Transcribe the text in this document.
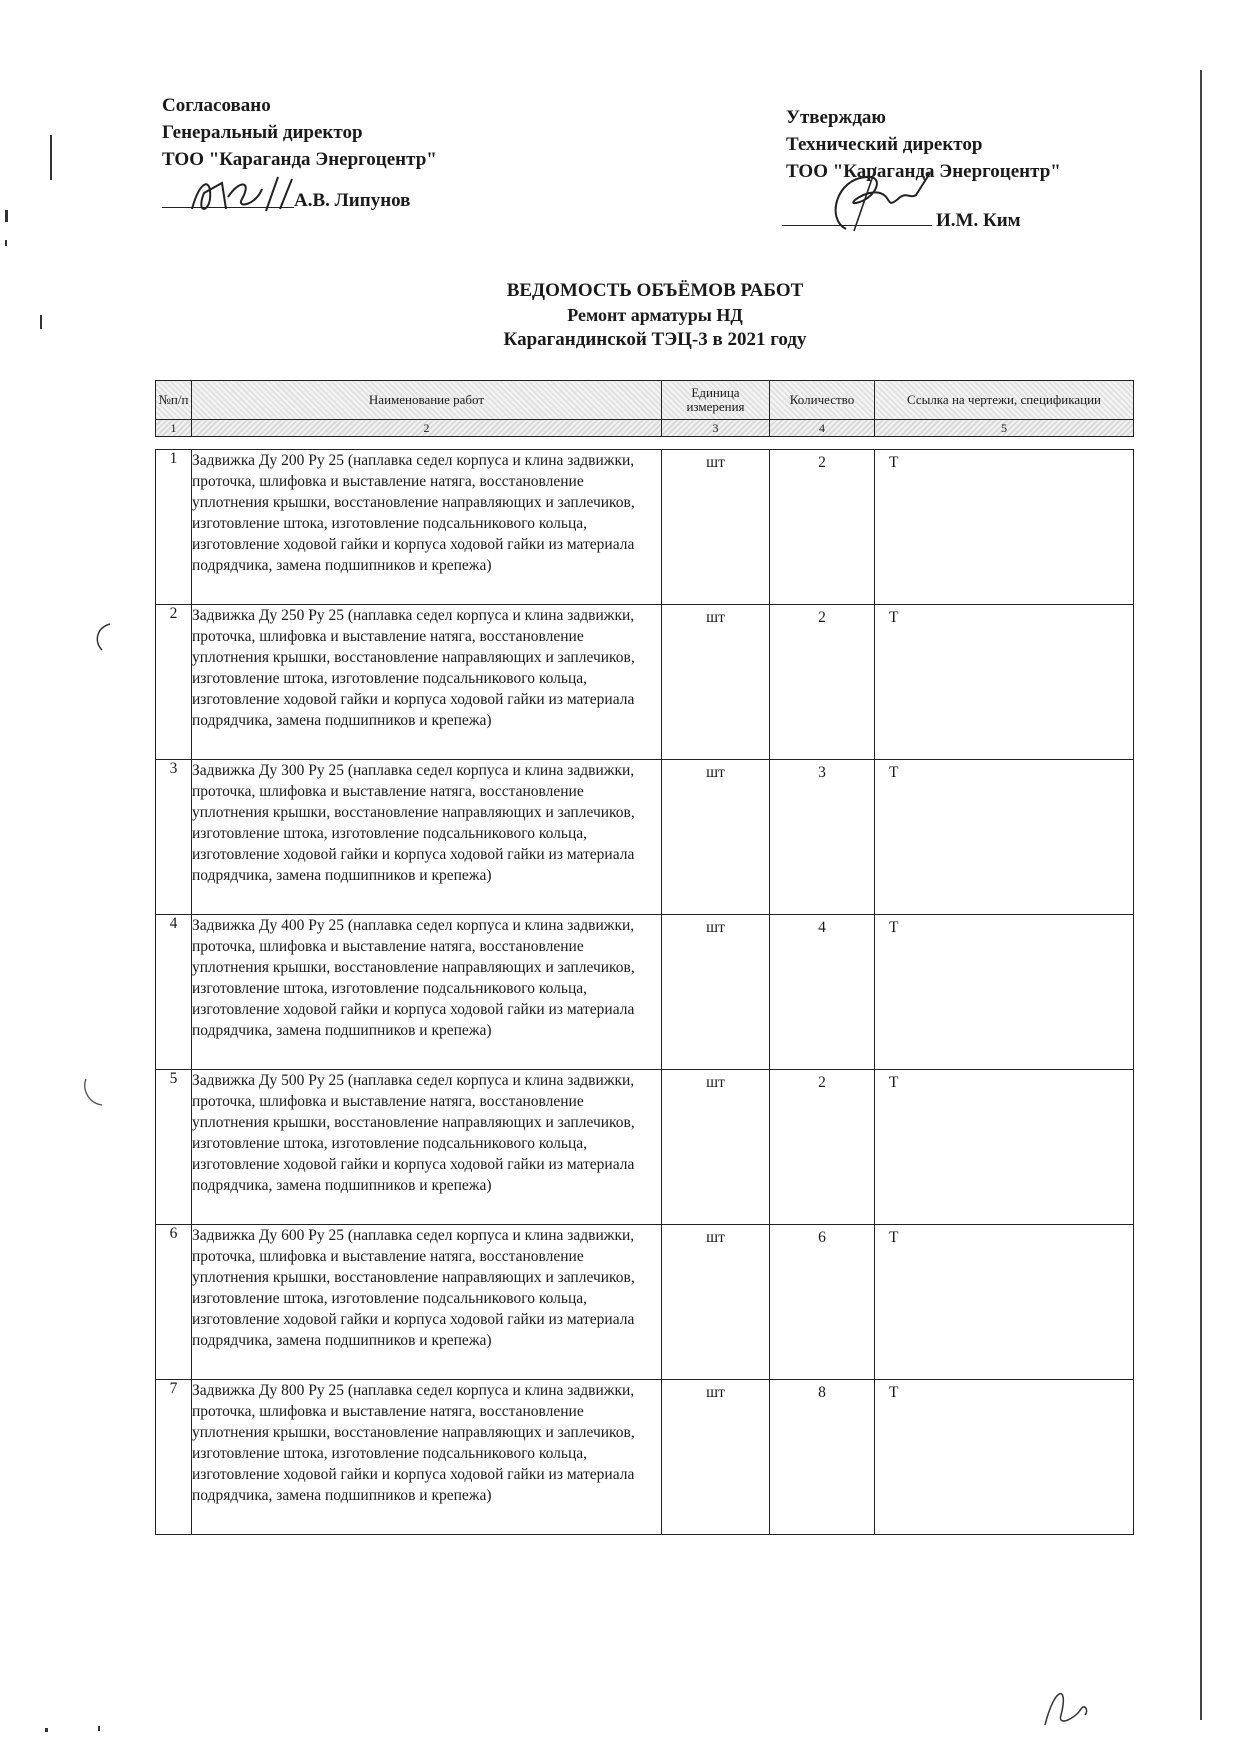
Согласовано
Генеральный директор
ТОО "Караганда Энергоцентр"
А.В. Липунов
Утверждаю
Технический директор
ТОО "Караганда Энергоцентр"
И.М. Ким
ВЕДОМОСТЬ ОБЪЁМОВ РАБОТ
Ремонт арматуры НД
Карагандинской ТЭЦ-3 в 2021 году
№п/п	Наименование работ	Единица измерения	Количество	Ссылка на чертежи, спецификации
1	2	3	4	5

1	Задвижка Ду 200 Ру 25 (наплавка седел корпуса и клина задвижки, проточка, шлифовка и выставление натяга, восстановление уплотнения крышки, восстановление направляющих и заплечиков, изготовление штока, изготовление подсальникового кольца, изготовление ходовой гайки и корпуса ходовой гайки из материала подрядчика, замена подшипников и крепежа)	шт	2	Т
2	Задвижка Ду 250 Ру 25 (наплавка седел корпуса и клина задвижки, проточка, шлифовка и выставление натяга, восстановление уплотнения крышки, восстановление направляющих и заплечиков, изготовление штока, изготовление подсальникового кольца, изготовление ходовой гайки и корпуса ходовой гайки из материала подрядчика, замена подшипников и крепежа)	шт	2	Т
3	Задвижка Ду 300 Ру 25 (наплавка седел корпуса и клина задвижки, проточка, шлифовка и выставление натяга, восстановление уплотнения крышки, восстановление направляющих и заплечиков, изготовление штока, изготовление подсальникового кольца, изготовление ходовой гайки и корпуса ходовой гайки из материала подрядчика, замена подшипников и крепежа)	шт	3	Т
4	Задвижка Ду 400 Ру 25 (наплавка седел корпуса и клина задвижки, проточка, шлифовка и выставление натяга, восстановление уплотнения крышки, восстановление направляющих и заплечиков, изготовление штока, изготовление подсальникового кольца, изготовление ходовой гайки и корпуса ходовой гайки из материала подрядчика, замена подшипников и крепежа)	шт	4	Т
5	Задвижка Ду 500 Ру 25 (наплавка седел корпуса и клина задвижки, проточка, шлифовка и выставление натяга, восстановление уплотнения крышки, восстановление направляющих и заплечиков, изготовление штока, изготовление подсальникового кольца, изготовление ходовой гайки и корпуса ходовой гайки из материала подрядчика, замена подшипников и крепежа)	шт	2	Т
6	Задвижка Ду 600 Ру 25 (наплавка седел корпуса и клина задвижки, проточка, шлифовка и выставление натяга, восстановление уплотнения крышки, восстановление направляющих и заплечиков, изготовление штока, изготовление подсальникового кольца, изготовление ходовой гайки и корпуса ходовой гайки из материала подрядчика, замена подшипников и крепежа)	шт	6	Т
7	Задвижка Ду 800 Ру 25 (наплавка седел корпуса и клина задвижки, проточка, шлифовка и выставление натяга, восстановление уплотнения крышки, восстановление направляющих и заплечиков, изготовление штока, изготовление подсальникового кольца, изготовление ходовой гайки и корпуса ходовой гайки из материала подрядчика, замена подшипников и крепежа)	шт	8	Т
